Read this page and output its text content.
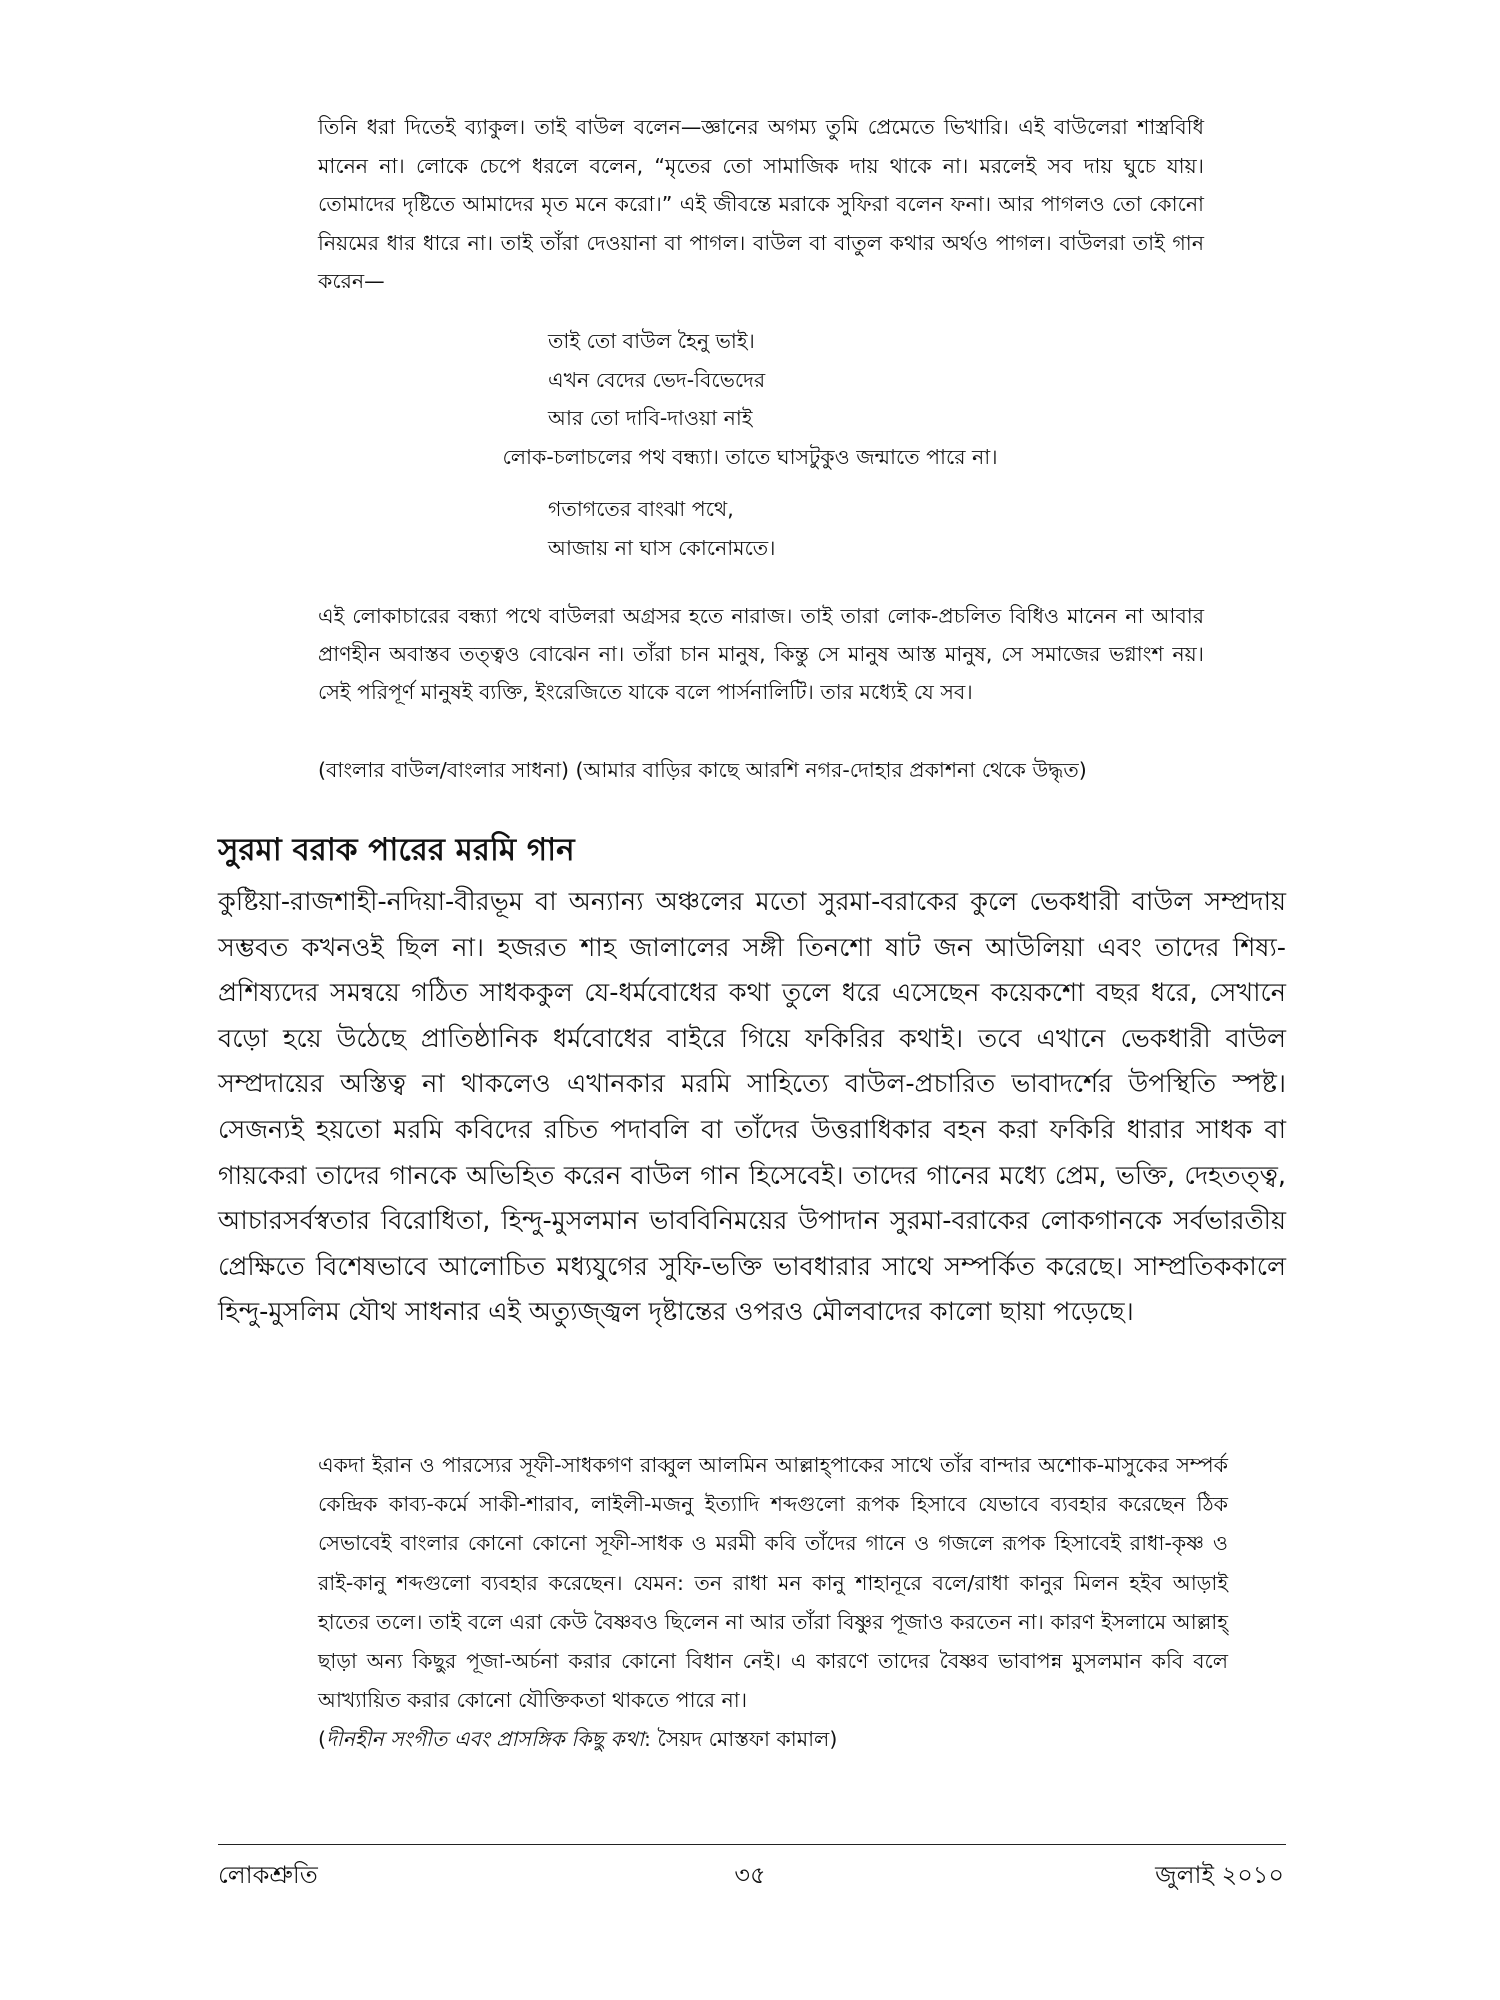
তিনি ধরা দিতেই ব্যাকুল। তাই বাউল বলেন—জ্ঞানের অগম্য তুমি প্রেমেতে ভিখারি। এই বাউলেরা শাস্ত্রবিধি মানেন না। লোকে চেপে ধরলে বলেন, “মৃতের তো সামাজিক দায় থাকে না। মরলেই সব দায় ঘুচে যায়। তোমাদের দৃষ্টিতে আমাদের মৃত মনে করো।” এই জীবন্তে মরাকে সুফিরা বলেন ফনা। আর পাগলও তো কোনো নিয়মের ধার ধারে না। তাই তাঁরা দেওয়ানা বা পাগল। বাউল বা বাতুল কথার অর্থও পাগল। বাউলরা তাই গান করেন—

তাই তো বাউল হৈনু ভাই।

এখন বেদের ভেদ-বিভেদের

আর তো দাবি-দাওয়া নাই

লোক-চলাচলের পথ বন্ধ্যা। তাতে ঘাসটুকুও জন্মাতে পারে না।

গতাগতের বাংঝা পথে,

আজায় না ঘাস কোনোমতে।

এই লোকাচারের বন্ধ্যা পথে বাউলরা অগ্রসর হতে নারাজ। তাই তারা লোক-প্রচলিত বিধিও মানেন না আবার প্রাণহীন অবাস্তব তত্ত্বও বোঝেন না। তাঁরা চান মানুষ, কিন্তু সে মানুষ আস্ত মানুষ, সে সমাজের ভগ্নাংশ নয়। সেই পরিপূর্ণ মানুষই ব্যক্তি, ইংরেজিতে যাকে বলে পার্সনালিটি। তার মধ্যেই যে সব।

(বাংলার বাউল/বাংলার সাধনা) (আমার বাড়ির কাছে আরশি নগর-দোহার প্রকাশনা থেকে উদ্ধৃত)

সুরমা বরাক পারের মরমি গান

কুষ্টিয়া-রাজশাহী-নদিয়া-বীরভূম বা অন্যান্য অঞ্চলের মতো সুরমা-বরাকের কুলে ভেকধারী বাউল সম্প্রদায় সম্ভবত কখনওই ছিল না। হজরত শাহ জালালের সঙ্গী তিনশো ষাট জন আউলিয়া এবং তাদের শিষ্য-প্রশিষ্যদের সমন্বয়ে গঠিত সাধককুল যে-ধর্মবোধের কথা তুলে ধরে এসেছেন কয়েকশো বছর ধরে, সেখানে বড়ো হয়ে উঠেছে প্রাতিষ্ঠানিক ধর্মবোধের বাইরে গিয়ে ফকিরির কথাই। তবে এখানে ভেকধারী বাউল সম্প্রদায়ের অস্তিত্ব না থাকলেও এখানকার মরমি সাহিত্যে বাউল-প্রচারিত ভাবাদর্শের উপস্থিতি স্পষ্ট। সেজন্যই হয়তো মরমি কবিদের রচিত পদাবলি বা তাঁদের উত্তরাধিকার বহন করা ফকিরি ধারার সাধক বা গায়কেরা তাদের গানকে অভিহিত করেন বাউল গান হিসেবেই। তাদের গানের মধ্যে প্রেম, ভক্তি, দেহতত্ত্ব, আচারসর্বস্বতার বিরোধিতা, হিন্দু-মুসলমান ভাববিনিময়ের উপাদান সুরমা-বরাকের লোকগানকে সর্বভারতীয় প্রেক্ষিতে বিশেষভাবে আলোচিত মধ্যযুগের সুফি-ভক্তি ভাবধারার সাথে সম্পর্কিত করেছে। সাম্প্রতিককালে হিন্দু-মুসলিম যৌথ সাধনার এই অত্যুজ্জ্বল দৃষ্টান্তের ওপরও মৌলবাদের কালো ছায়া পড়েছে।

একদা ইরান ও পারস্যের সূফী-সাধকগণ রাব্বুল আলমিন আল্লাহ্‌পাকের সাথে তাঁর বান্দার অশোক-মাসুকের সম্পর্ক কেন্দ্রিক কাব্য-কর্মে সাকী-শারাব, লাইলী-মজনু ইত্যাদি শব্দগুলো রূপক হিসাবে যেভাবে ব্যবহার করেছেন ঠিক সেভাবেই বাংলার কোনো কোনো সূফী-সাধক ও মরমী কবি তাঁদের গানে ও গজলে রূপক হিসাবেই রাধা-কৃষ্ণ ও রাই-কানু শব্দগুলো ব্যবহার করেছেন। যেমন: তন রাধা মন কানু শাহানূরে বলে/রাধা কানুর মিলন হইব আড়াই হাতের তলে। তাই বলে এরা কেউ বৈষ্ণবও ছিলেন না আর তাঁরা বিষ্ণুর পূজাও করতেন না। কারণ ইসলামে আল্লাহ্ ছাড়া অন্য কিছুর পূজা-অর্চনা করার কোনো বিধান নেই। এ কারণে তাদের বৈষ্ণব ভাবাপন্ন মুসলমান কবি বলে আখ্যায়িত করার কোনো যৌক্তিকতা থাকতে পারে না।

(দীনহীন সংগীত এবং প্রাসঙ্গিক কিছু কথা: সৈয়দ মোস্তফা কামাল)

লোকশ্রুতি	৩৫	জুলাই ২০১০
